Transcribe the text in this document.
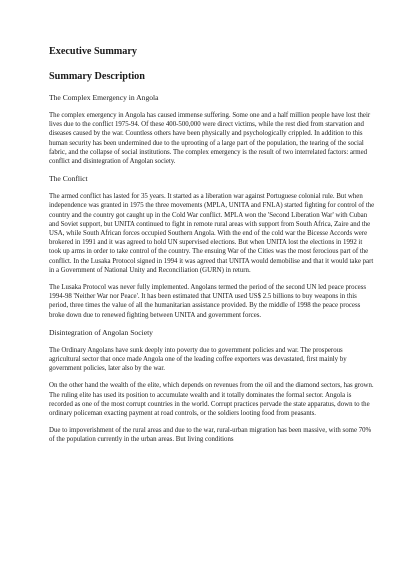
Executive Summary
Summary Description
The Complex Emergency in Angola

The complex emergency in Angola has caused immense suffering. Some one and a half million people have lost their lives due to the conflict 1975-94. Of these 400-500,000 were direct victims, while the rest died from starvation and diseases caused by the war. Countless others have been physically and psychologically crippled. In addition to this human security has been undermined due to the uprooting of a large part of the population, the tearing of the social fabric, and the collapse of social institutions. The complex emergency is the result of two interrelated factors: armed conflict and disintegration of Angolan society.

The Conflict

The armed conflict has lasted for 35 years. It started as a liberation war against Portuguese colonial rule. But when independence was granted in 1975 the three movements (MPLA, UNITA and FNLA) started fighting for control of the country and the country got caught up in the Cold War conflict. MPLA won the 'Second Liberation War' with Cuban and Soviet support, but UNITA continued to fight in remote rural areas with support from South Africa, Zaire and the USA, while South African forces occupied Southern Angola. With the end of the cold war the Bicesse Accords were brokered in 1991 and it was agreed to hold UN supervised elections. But when UNITA lost the elections in 1992 it took up arms in order to take control of the country. The ensuing War of the Cities was the most ferocious part of the conflict. In the Lusaka Protocol signed in 1994 it was agreed that UNITA would demobilise and that it would take part in a Government of National Unity and Reconciliation (GURN) in return.

The Lusaka Protocol was never fully implemented. Angolans termed the period of the second UN led peace process 1994-98 'Neither War nor Peace'. It has been estimated that UNITA used US$ 2.5 billions to buy weapons in this period, three times the value of all the humanitarian assistance provided. By the middle of 1998 the peace process broke down due to renewed fighting between UNITA and government forces.

Disintegration of Angolan Society

The Ordinary Angolans have sunk deeply into poverty due to government policies and war. The prosperous agricultural sector that once made Angola one of the leading coffee exporters was devastated, first mainly by government policies, later also by the war.

On the other hand the wealth of the elite, which depends on revenues from the oil and the diamond sectors, has grown. The ruling elite has used its position to accumulate wealth and it totally dominates the formal sector. Angola is recorded as one of the most corrupt countries in the world. Corrupt practices pervade the state apparatus, down to the ordinary policeman exacting payment at road controls, or the soldiers looting food from peasants.

Due to impoverishment of the rural areas and due to the war, rural-urban migration has been massive, with some 70% of the population currently in the urban areas. But living conditions
